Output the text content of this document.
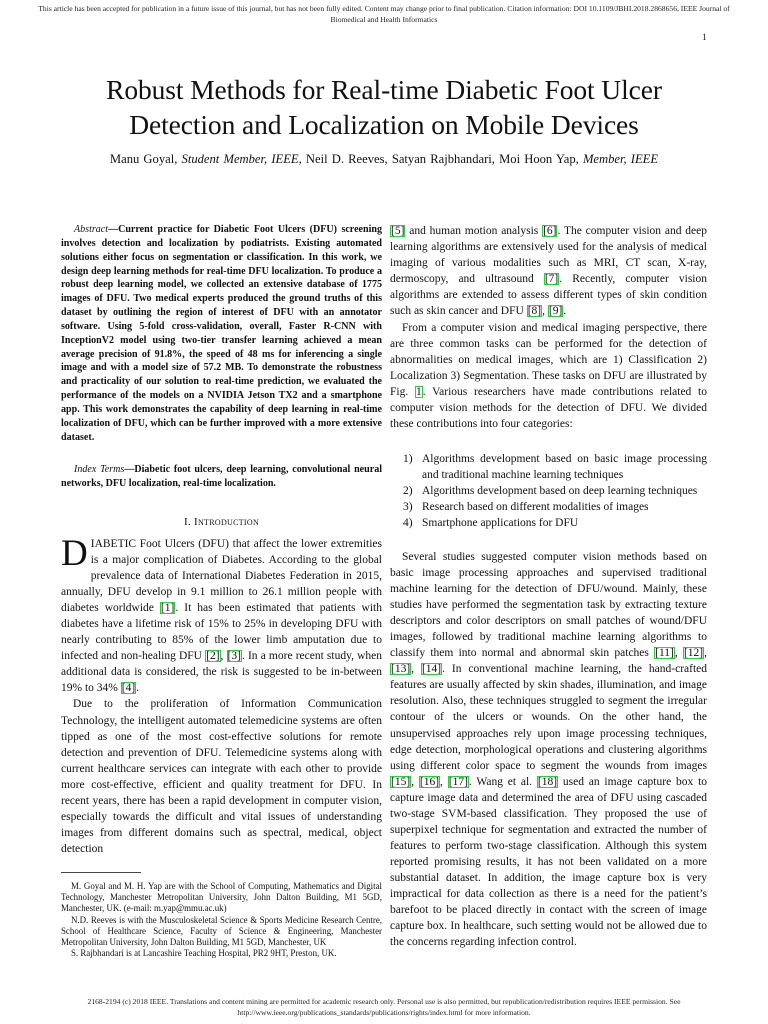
This article has been accepted for publication in a future issue of this journal, but has not been fully edited. Content may change prior to final publication. Citation information: DOI 10.1109/JBHI.2018.2868656, IEEE Journal of
Biomedical and Health Informatics
1
Robust Methods for Real-time Diabetic Foot Ulcer
Detection and Localization on Mobile Devices
Manu Goyal, Student Member, IEEE, Neil D. Reeves, Satyan Rajbhandari, Moi Hoon Yap, Member, IEEE
Abstract—Current practice for Diabetic Foot Ulcers (DFU) screening involves detection and localization by podiatrists. Existing automated solutions either focus on segmentation or classification. In this work, we design deep learning methods for real-time DFU localization. To produce a robust deep learning model, we collected an extensive database of 1775 images of DFU. Two medical experts produced the ground truths of this dataset by outlining the region of interest of DFU with an annotator software. Using 5-fold cross-validation, overall, Faster R-CNN with InceptionV2 model using two-tier transfer learning achieved a mean average precision of 91.8%, the speed of 48 ms for inferencing a single image and with a model size of 57.2 MB. To demonstrate the robustness and practicality of our solution to real-time prediction, we evaluated the performance of the models on a NVIDIA Jetson TX2 and a smartphone app. This work demonstrates the capability of deep learning in real-time localization of DFU, which can be further improved with a more extensive dataset.
Index Terms—Diabetic foot ulcers, deep learning, convolutional neural networks, DFU localization, real-time localization.
I. Introduction

DIABETIC Foot Ulcers (DFU) that affect the lower extremities is a major complication of Diabetes. According to the global prevalence data of International Diabetes Federation in 2015, annually, DFU develop in 9.1 million to 26.1 million people with diabetes worldwide [1]. It has been estimated that patients with diabetes have a lifetime risk of 15% to 25% in developing DFU with nearly contributing to 85% of the lower limb amputation due to infected and non-healing DFU [2], [3]. In a more recent study, when additional data is considered, the risk is suggested to be in-between 19% to 34% [4].

Due to the proliferation of Information Communication Technology, the intelligent automated telemedicine systems are often tipped as one of the most cost-effective solutions for remote detection and prevention of DFU. Telemedicine systems along with current healthcare services can integrate with each other to provide more cost-effective, efficient and quality treatment for DFU. In recent years, there has been a rapid development in computer vision, especially towards the difficult and vital issues of understanding images from different domains such as spectral, medical, object detection

M. Goyal and M. H. Yap are with the School of Computing, Mathematics and Digital Technology, Manchester Metropolitan University, John Dalton Building, M1 5GD, Manchester, UK. (e-mail: m.yap@mmu.ac.uk)

N.D. Reeves is with the Musculoskeletal Science & Sports Medicine Research Centre, School of Healthcare Science, Faculty of Science & Engineering, Manchester Metropolitan University, John Dalton Building, M1 5GD, Manchester, UK

S. Rajbhandari is at Lancashire Teaching Hospital, PR2 9HT, Preston, UK.

[5] and human motion analysis [6]. The computer vision and deep learning algorithms are extensively used for the analysis of medical imaging of various modalities such as MRI, CT scan, X-ray, dermoscopy, and ultrasound [7]. Recently, computer vision algorithms are extended to assess different types of skin condition such as skin cancer and DFU [8], [9].

From a computer vision and medical imaging perspective, there are three common tasks can be performed for the detection of abnormalities on medical images, which are 1) Classification 2) Localization 3) Segmentation. These tasks on DFU are illustrated by Fig. 1. Various researchers have made contributions related to computer vision methods for the detection of DFU. We divided these contributions into four categories:

1) Algorithms development based on basic image processing and traditional machine learning techniques
2) Algorithms development based on deep learning techniques
3) Research based on different modalities of images
4) Smartphone applications for DFU

Several studies suggested computer vision methods based on basic image processing approaches and supervised traditional machine learning for the detection of DFU/wound. Mainly, these studies have performed the segmentation task by extracting texture descriptors and color descriptors on small patches of wound/DFU images, followed by traditional machine learning algorithms to classify them into normal and abnormal skin patches [11], [12], [13], [14]. In conventional machine learning, the hand-crafted features are usually affected by skin shades, illumination, and image resolution. Also, these techniques struggled to segment the irregular contour of the ulcers or wounds. On the other hand, the unsupervised approaches rely upon image processing techniques, edge detection, morphological operations and clustering algorithms using different color space to segment the wounds from images [15], [16], [17]. Wang et al. [18] used an image capture box to capture image data and determined the area of DFU using cascaded two-stage SVM-based classification. They proposed the use of superpixel technique for segmentation and extracted the number of features to perform two-stage classification. Although this system reported promising results, it has not been validated on a more substantial dataset. In addition, the image capture box is very impractical for data collection as there is a need for the patient’s barefoot to be placed directly in contact with the screen of image capture box. In healthcare, such setting would not be allowed due to the concerns regarding infection control.

2168-2194 (c) 2018 IEEE. Translations and content mining are permitted for academic research only. Personal use is also permitted, but republication/redistribution requires IEEE permission. See
http://www.ieee.org/publications_standards/publications/rights/index.html for more information.
